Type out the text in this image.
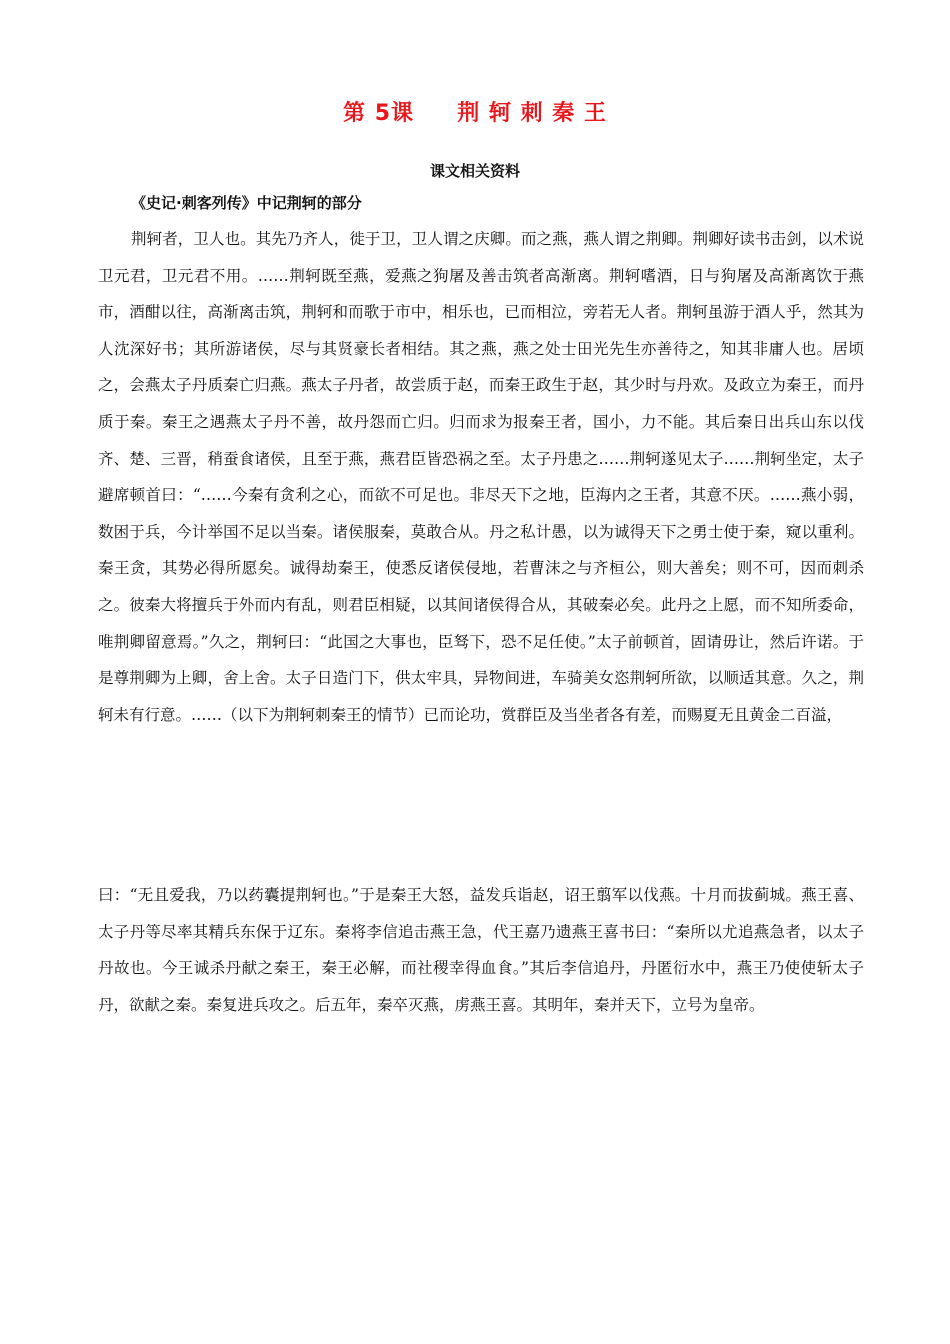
第 5课     荆 轲 刺 秦 王
课文相关资料
《史记·刺客列传》中记荆轲的部分

荆轲者，卫人也。其先乃齐人，徙于卫，卫人谓之庆卿。而之燕，燕人谓之荆卿。荆卿好读书击剑，以术说卫元君，卫元君不用。……荆轲既至燕，爱燕之狗屠及善击筑者高渐离。荆轲嗜酒，日与狗屠及高渐离饮于燕市，酒酣以往，高渐离击筑，荆轲和而歌于市中，相乐也，已而相泣，旁若无人者。荆轲虽游于酒人乎，然其为人沈深好书；其所游诸侯，尽与其贤豪长者相结。其之燕，燕之处士田光先生亦善待之，知其非庸人也。居顷之，会燕太子丹质秦亡归燕。燕太子丹者，故尝质于赵，而秦王政生于赵，其少时与丹欢。及政立为秦王，而丹质于秦。秦王之遇燕太子丹不善，故丹怨而亡归。归而求为报秦王者，国小，力不能。其后秦日出兵山东以伐齐、楚、三晋，稍蚕食诸侯，且至于燕，燕君臣皆恐祸之至。太子丹患之……荆轲遂见太子……荆轲坐定，太子避席顿首曰：“……今秦有贪利之心，而欲不可足也。非尽天下之地，臣海内之王者，其意不厌。……燕小弱，数困于兵，今计举国不足以当秦。诸侯服秦，莫敢合从。丹之私计愚，以为诚得天下之勇士使于秦，窥以重利。秦王贪，其势必得所愿矣。诚得劫秦王，使悉反诸侯侵地，若曹沫之与齐桓公，则大善矣；则不可，因而刺杀之。彼秦大将擅兵于外而内有乱，则君臣相疑，以其间诸侯得合从，其破秦必矣。此丹之上愿，而不知所委命，唯荆卿留意焉。”久之，荆轲曰：“此国之大事也，臣驽下，恐不足任使。”太子前顿首，固请毋让，然后许诺。于是尊荆卿为上卿，舍上舍。太子日造门下，供太牢具，异物间进，车骑美女恣荆轲所欲，以顺适其意。久之，荆轲未有行意。……（以下为荆轲刺秦王的情节）已而论功，赏群臣及当坐者各有差，而赐夏无且黄金二百溢，

曰：“无且爱我，乃以药囊提荆轲也。”于是秦王大怒，益发兵诣赵，诏王翦军以伐燕。十月而拔蓟城。燕王喜、太子丹等尽率其精兵东保于辽东。秦将李信追击燕王急，代王嘉乃遗燕王喜书曰：“秦所以尤追燕急者，以太子丹故也。今王诚杀丹献之秦王，秦王必解，而社稷幸得血食。”其后李信追丹，丹匿衍水中，燕王乃使使斩太子丹，欲献之秦。秦复进兵攻之。后五年，秦卒灭燕，虏燕王喜。其明年，秦并天下，立号为皇帝。
